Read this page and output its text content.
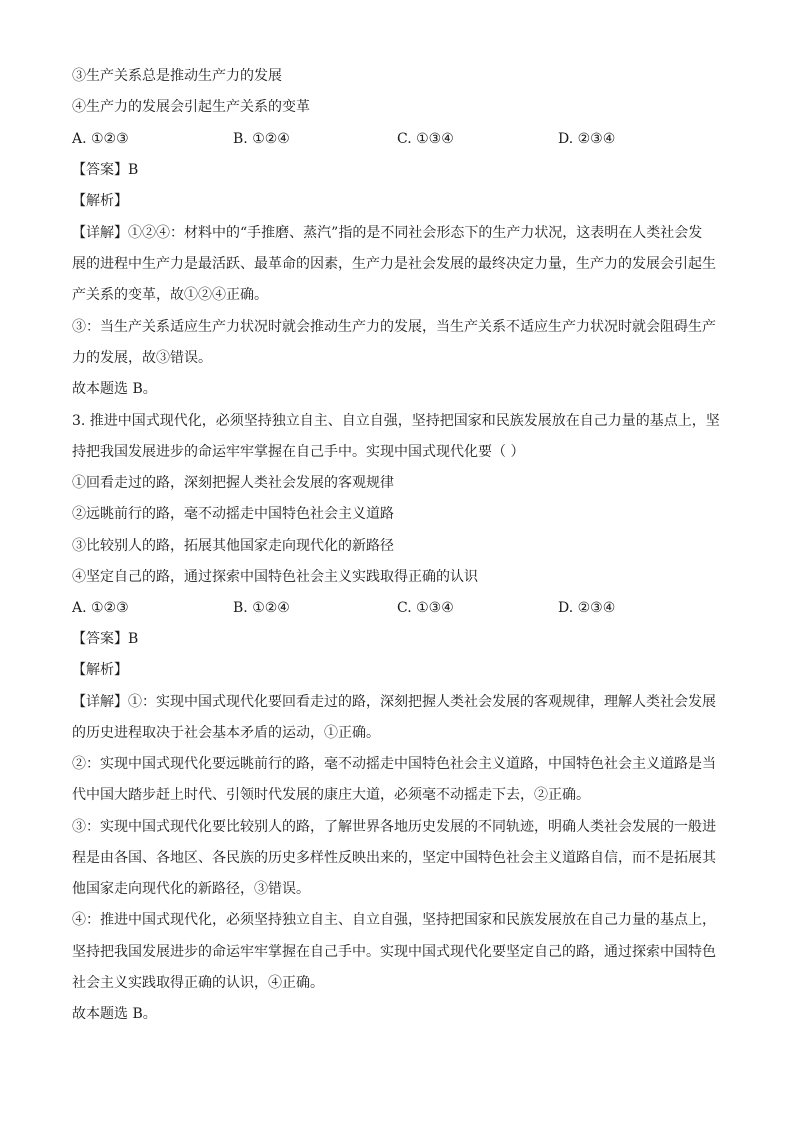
③生产关系总是推动生产力的发展
④生产力的发展会引起生产关系的变革
A. ①②③	B. ①②④	C. ①③④	D. ②③④
【答案】B
【解析】
【详解】①②④：材料中的“手推磨、蒸汽”指的是不同社会形态下的生产力状况，这表明在人类社会发
展的进程中生产力是最活跃、最革命的因素，生产力是社会发展的最终决定力量，生产力的发展会引起生
产关系的变革，故①②④正确。
③：当生产关系适应生产力状况时就会推动生产力的发展，当生产关系不适应生产力状况时就会阻碍生产
力的发展，故③错误。
故本题选 B。
3. 推进中国式现代化，必须坚持独立自主、自立自强，坚持把国家和民族发展放在自己力量的基点上，坚
持把我国发展进步的命运牢牢掌握在自己手中。实现中国式现代化要（ ）
①回看走过的路，深刻把握人类社会发展的客观规律
②远眺前行的路，毫不动摇走中国特色社会主义道路
③比较别人的路，拓展其他国家走向现代化的新路径
④坚定自己的路，通过探索中国特色社会主义实践取得正确的认识
A. ①②③	B. ①②④	C. ①③④	D. ②③④
【答案】B
【解析】
【详解】①：实现中国式现代化要回看走过的路，深刻把握人类社会发展的客观规律，理解人类社会发展
的历史进程取决于社会基本矛盾的运动，①正确。
②：实现中国式现代化要远眺前行的路，毫不动摇走中国特色社会主义道路，中国特色社会主义道路是当
代中国大踏步赶上时代、引领时代发展的康庄大道，必须毫不动摇走下去，②正确。
③：实现中国式现代化要比较别人的路，了解世界各地历史发展的不同轨迹，明确人类社会发展的一般进
程是由各国、各地区、各民族的历史多样性反映出来的，坚定中国特色社会主义道路自信，而不是拓展其
他国家走向现代化的新路径，③错误。
④：推进中国式现代化，必须坚持独立自主、自立自强，坚持把国家和民族发展放在自己力量的基点上，
坚持把我国发展进步的命运牢牢掌握在自己手中。实现中国式现代化要坚定自己的路，通过探索中国特色
社会主义实践取得正确的认识，④正确。
故本题选 B。
